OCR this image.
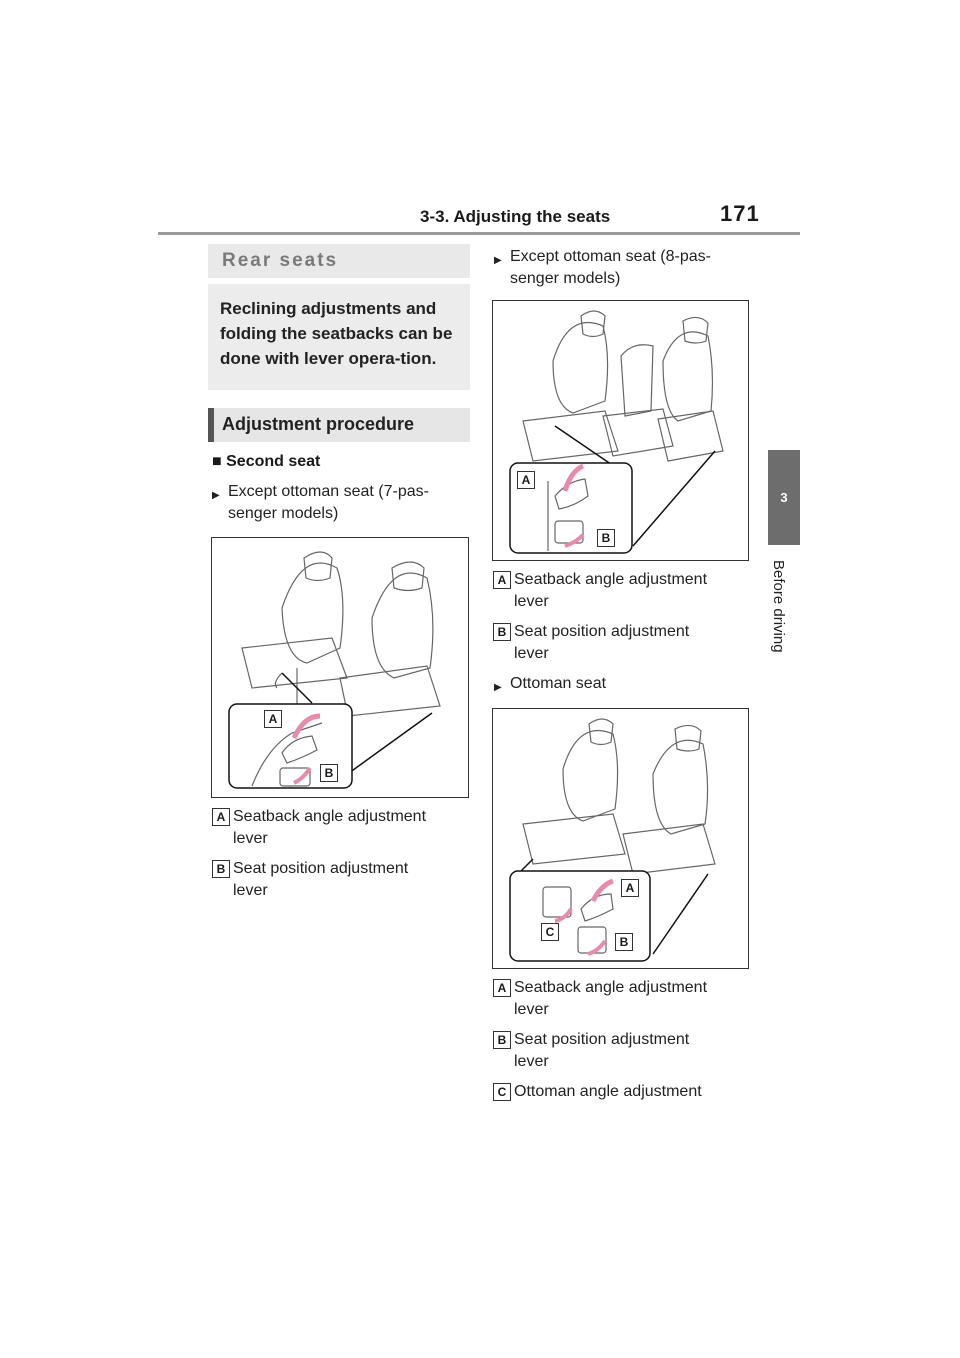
3-3. Adjusting the seats	171
3
Before driving
Rear seats
Reclining adjustments and folding the seatbacks can be done with lever opera-tion.
Adjustment procedure
■ Second seat
▶ Except ottoman seat (7-pas-
senger models)
A
B
A Seatback angle adjustment
lever
B Seat position adjustment
lever
▶ Except ottoman seat (8-pas-
senger models)
A
B
A Seatback angle adjustment
lever
B Seat position adjustment
lever
▶ Ottoman seat
A
B
C
A Seatback angle adjustment
lever
B Seat position adjustment
lever
C Ottoman angle adjustment
